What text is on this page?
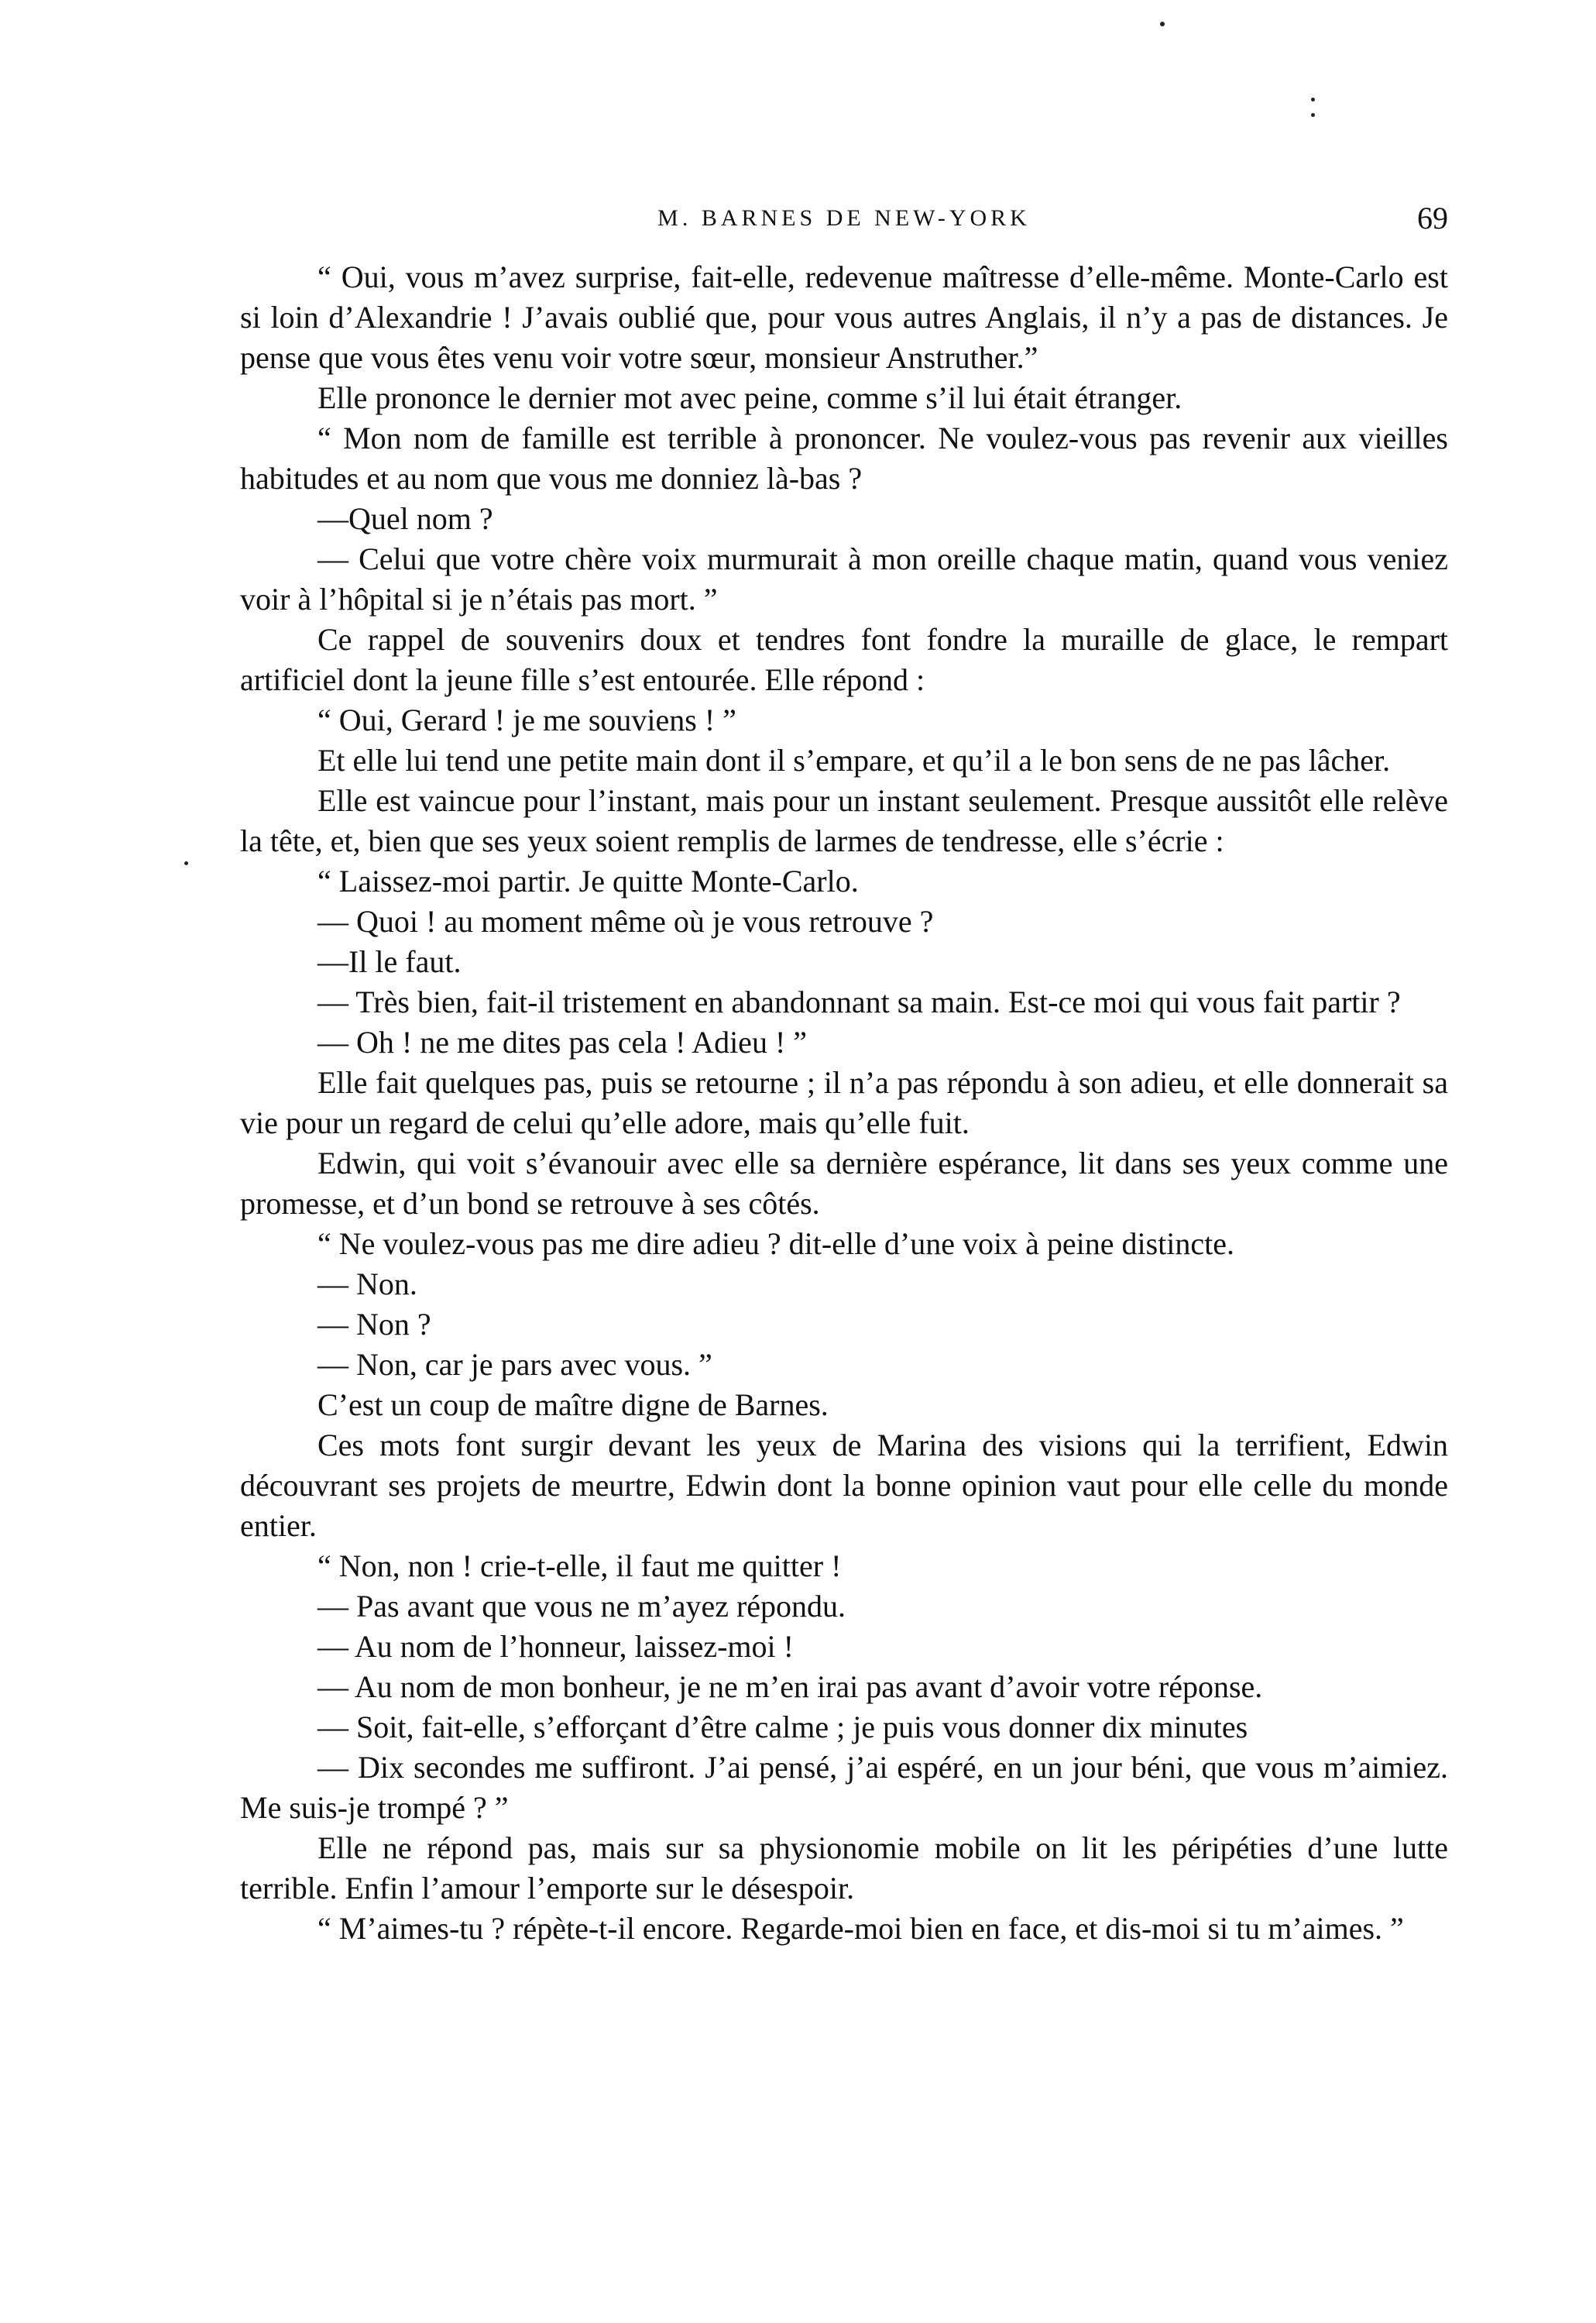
M. BARNES DE NEW-YORK	69

“ Oui, vous m’avez surprise, fait-elle, redevenue maîtresse d’elle-même. Monte-Carlo est si loin d’Alexandrie ! J’avais oublié que, pour vous autres Anglais, il n’y a pas de distances. Je pense que vous êtes venu voir votre sœur, monsieur Anstruther.”

Elle prononce le dernier mot avec peine, comme s’il lui était étranger.

“ Mon nom de famille est terrible à prononcer. Ne voulez-vous pas revenir aux vieilles habitudes et au nom que vous me donniez là-bas ?

—Quel nom ?

— Celui que votre chère voix murmurait à mon oreille chaque matin, quand vous veniez voir à l’hôpital si je n’étais pas mort. ”

Ce rappel de souvenirs doux et tendres font fondre la muraille de glace, le rempart artificiel dont la jeune fille s’est entourée. Elle répond :

“ Oui, Gerard ! je me souviens ! ”

Et elle lui tend une petite main dont il s’empare, et qu’il a le bon sens de ne pas lâcher.

Elle est vaincue pour l’instant, mais pour un instant seulement. Presque aussitôt elle relève la tête, et, bien que ses yeux soient remplis de larmes de tendresse, elle s’écrie :

“ Laissez-moi partir. Je quitte Monte-Carlo.

— Quoi ! au moment même où je vous retrouve ?

—Il le faut.

— Très bien, fait-il tristement en abandonnant sa main. Est-ce moi qui vous fait partir ?

— Oh ! ne me dites pas cela ! Adieu ! ”

Elle fait quelques pas, puis se retourne ; il n’a pas répondu à son adieu, et elle donnerait sa vie pour un regard de celui qu’elle adore, mais qu’elle fuit.

Edwin, qui voit s’évanouir avec elle sa dernière espérance, lit dans ses yeux comme une promesse, et d’un bond se retrouve à ses côtés.

“ Ne voulez-vous pas me dire adieu ? dit-elle d’une voix à peine distincte.

— Non.

— Non ?

— Non, car je pars avec vous. ”

C’est un coup de maître digne de Barnes.

Ces mots font surgir devant les yeux de Marina des visions qui la terrifient, Edwin découvrant ses projets de meurtre, Edwin dont la bonne opinion vaut pour elle celle du monde entier.

“ Non, non ! crie-t-elle, il faut me quitter !

— Pas avant que vous ne m’ayez répondu.

— Au nom de l’honneur, laissez-moi !

— Au nom de mon bonheur, je ne m’en irai pas avant d’avoir votre réponse.

— Soit, fait-elle, s’efforçant d’être calme ; je puis vous donner dix minutes

— Dix secondes me suffiront. J’ai pensé, j’ai espéré, en un jour béni, que vous m’aimiez. Me suis-je trompé ? ”

Elle ne répond pas, mais sur sa physionomie mobile on lit les péripéties d’une lutte terrible. Enfin l’amour l’emporte sur le désespoir.

“ M’aimes-tu ? répète-t-il encore. Regarde-moi bien en face, et dis-moi si tu m’aimes. ”
